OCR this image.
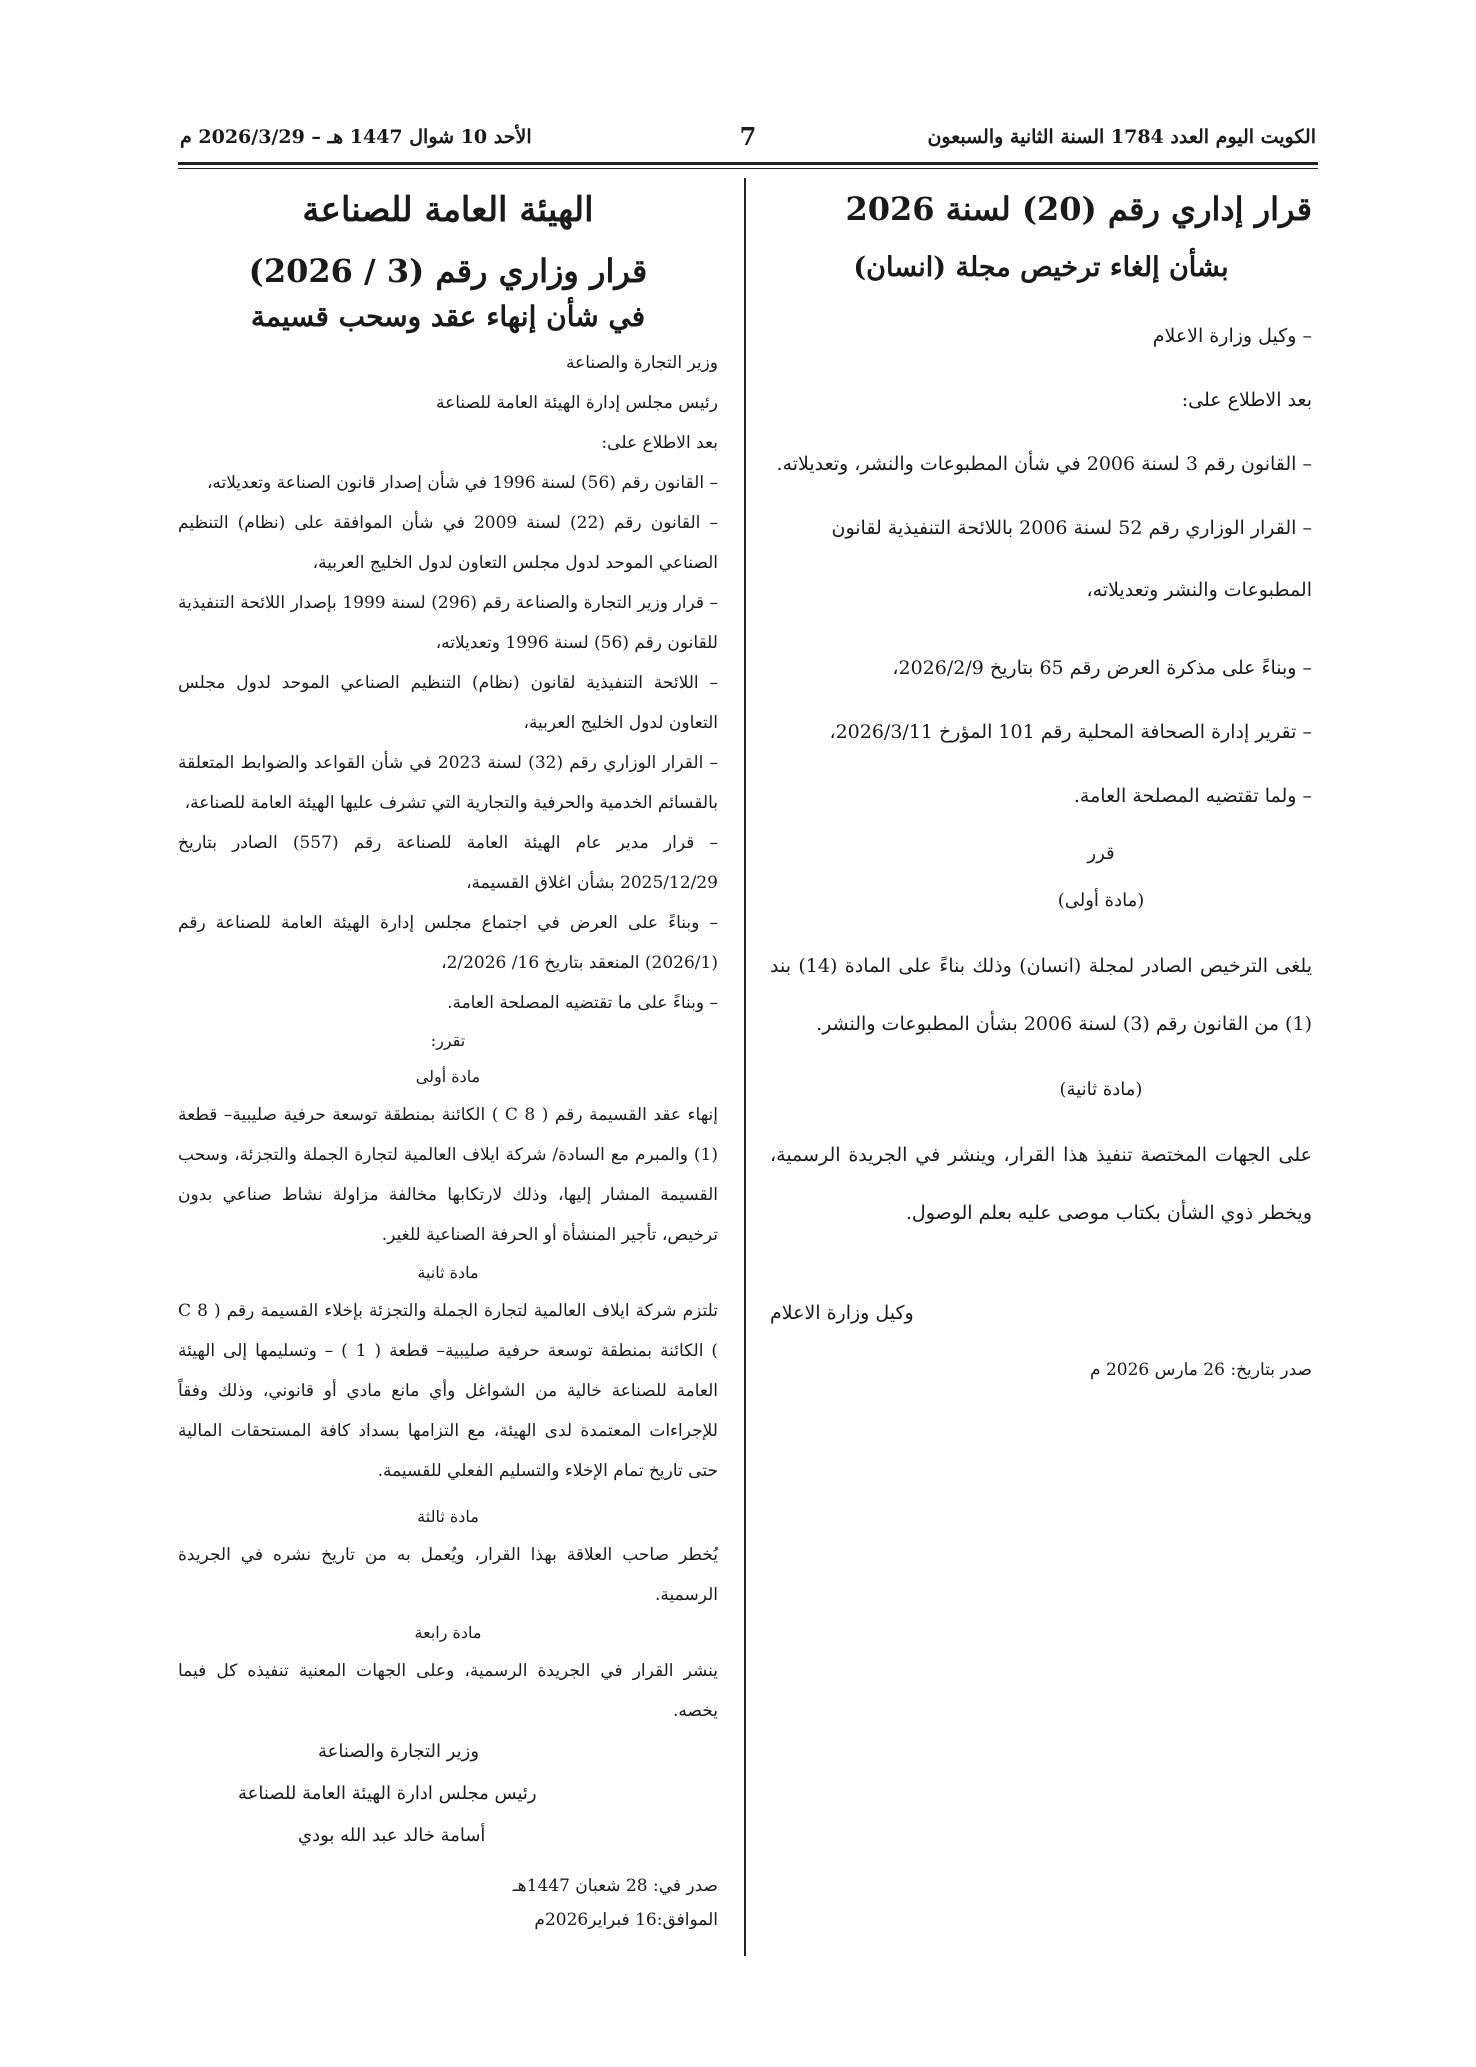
الكويت اليوم العدد 1784 السنة الثانية والسبعون
7
الأحد 10 شوال 1447 هـ – 2026/3/29 م
قرار إداري رقم (20) لسنة 2026
بشأن إلغاء ترخيص مجلة (انسان)

– وكيل وزارة الاعلام

بعد الاطلاع على:

– القانون رقم 3 لسنة 2006 في شأن المطبوعات والنشر، وتعديلاته.

– القرار الوزاري رقم 52 لسنة 2006 باللائحة التنفيذية لقانون المطبوعات والنشر وتعديلاته،

– وبناءً على مذكرة العرض رقم 65 بتاريخ 2026/2/9،

– تقرير إدارة الصحافة المحلية رقم 101 المؤرخ 2026/3/11،

– ولما تقتضيه المصلحة العامة.

قرر

(مادة أولى)

يلغى الترخيص الصادر لمجلة (انسان) وذلك بناءً على المادة (14) بند (1) من القانون رقم (3) لسنة 2006 بشأن المطبوعات والنشر.

(مادة ثانية)

على الجهات المختصة تنفيذ هذا القرار، وينشر في الجريدة الرسمية، ويخطر ذوي الشأن بكتاب موصى عليه بعلم الوصول.

وكيل وزارة الاعلام

صدر بتاريخ: 26 مارس 2026 م

الهيئة العامة للصناعة
قرار وزاري رقم (3 / 2026)
في شأن إنهاء عقد وسحب قسيمة

وزير التجارة والصناعة

رئيس مجلس إدارة الهيئة العامة للصناعة

بعد الاطلاع على:

– القانون رقم (56) لسنة 1996 في شأن إصدار قانون الصناعة وتعديلاته،

– القانون رقم (22) لسنة 2009 في شأن الموافقة على (نظام) التنظيم الصناعي الموحد لدول مجلس التعاون لدول الخليج العربية،

– قرار وزير التجارة والصناعة رقم (296) لسنة 1999 بإصدار اللائحة التنفيذية للقانون رقم (56) لسنة 1996 وتعديلاته،

– اللائحة التنفيذية لقانون (نظام) التنظيم الصناعي الموحد لدول مجلس التعاون لدول الخليج العربية،

– القرار الوزاري رقم (32) لسنة 2023 في شأن القواعد والضوابط المتعلقة بالقسائم الخدمية والحرفية والتجارية التي تشرف عليها الهيئة العامة للصناعة،

– قرار مدير عام الهيئة العامة للصناعة رقم (557) الصادر بتاريخ 2025/12/29 بشأن اغلاق القسيمة،

– وبناءً على العرض في اجتماع مجلس إدارة الهيئة العامة للصناعة رقم (2026/1) المنعقد بتاريخ 16/ 2/2026،

– وبناءً على ما تقتضيه المصلحة العامة.

تقرر:

مادة أولى

إنهاء عقد القسيمة رقم ( C 8 ) الكائنة بمنطقة توسعة حرفية صليبية– قطعة (1) والمبرم مع السادة/ شركة ايلاف العالمية لتجارة الجملة والتجزئة، وسحب القسيمة المشار إليها، وذلك لارتكابها مخالفة مزاولة نشاط صناعي بدون ترخيص، تأجير المنشأة أو الحرفة الصناعية للغير.

مادة ثانية

تلتزم شركة ايلاف العالمية لتجارة الجملة والتجزئة بإخلاء القسيمة رقم ( C 8 ) الكائنة بمنطقة توسعة حرفية صليبية– قطعة ( 1 ) – وتسليمها إلى الهيئة العامة للصناعة خالية من الشواغل وأي مانع مادي أو قانوني، وذلك وفقاً للإجراءات المعتمدة لدى الهيئة، مع التزامها بسداد كافة المستحقات المالية حتى تاريخ تمام الإخلاء والتسليم الفعلي للقسيمة.

مادة ثالثة

يُخطر صاحب العلاقة بهذا القرار، ويُعمل به من تاريخ نشره في الجريدة الرسمية.

مادة رابعة

ينشر القرار في الجريدة الرسمية، وعلى الجهات المعنية تنفيذه كل فيما يخصه.

وزير التجارة والصناعة

رئيس مجلس ادارة الهيئة العامة للصناعة

أسامة خالد عبد الله بودي

صدر في: 28 شعبان 1447هـ

الموافق:16 فبراير2026م
